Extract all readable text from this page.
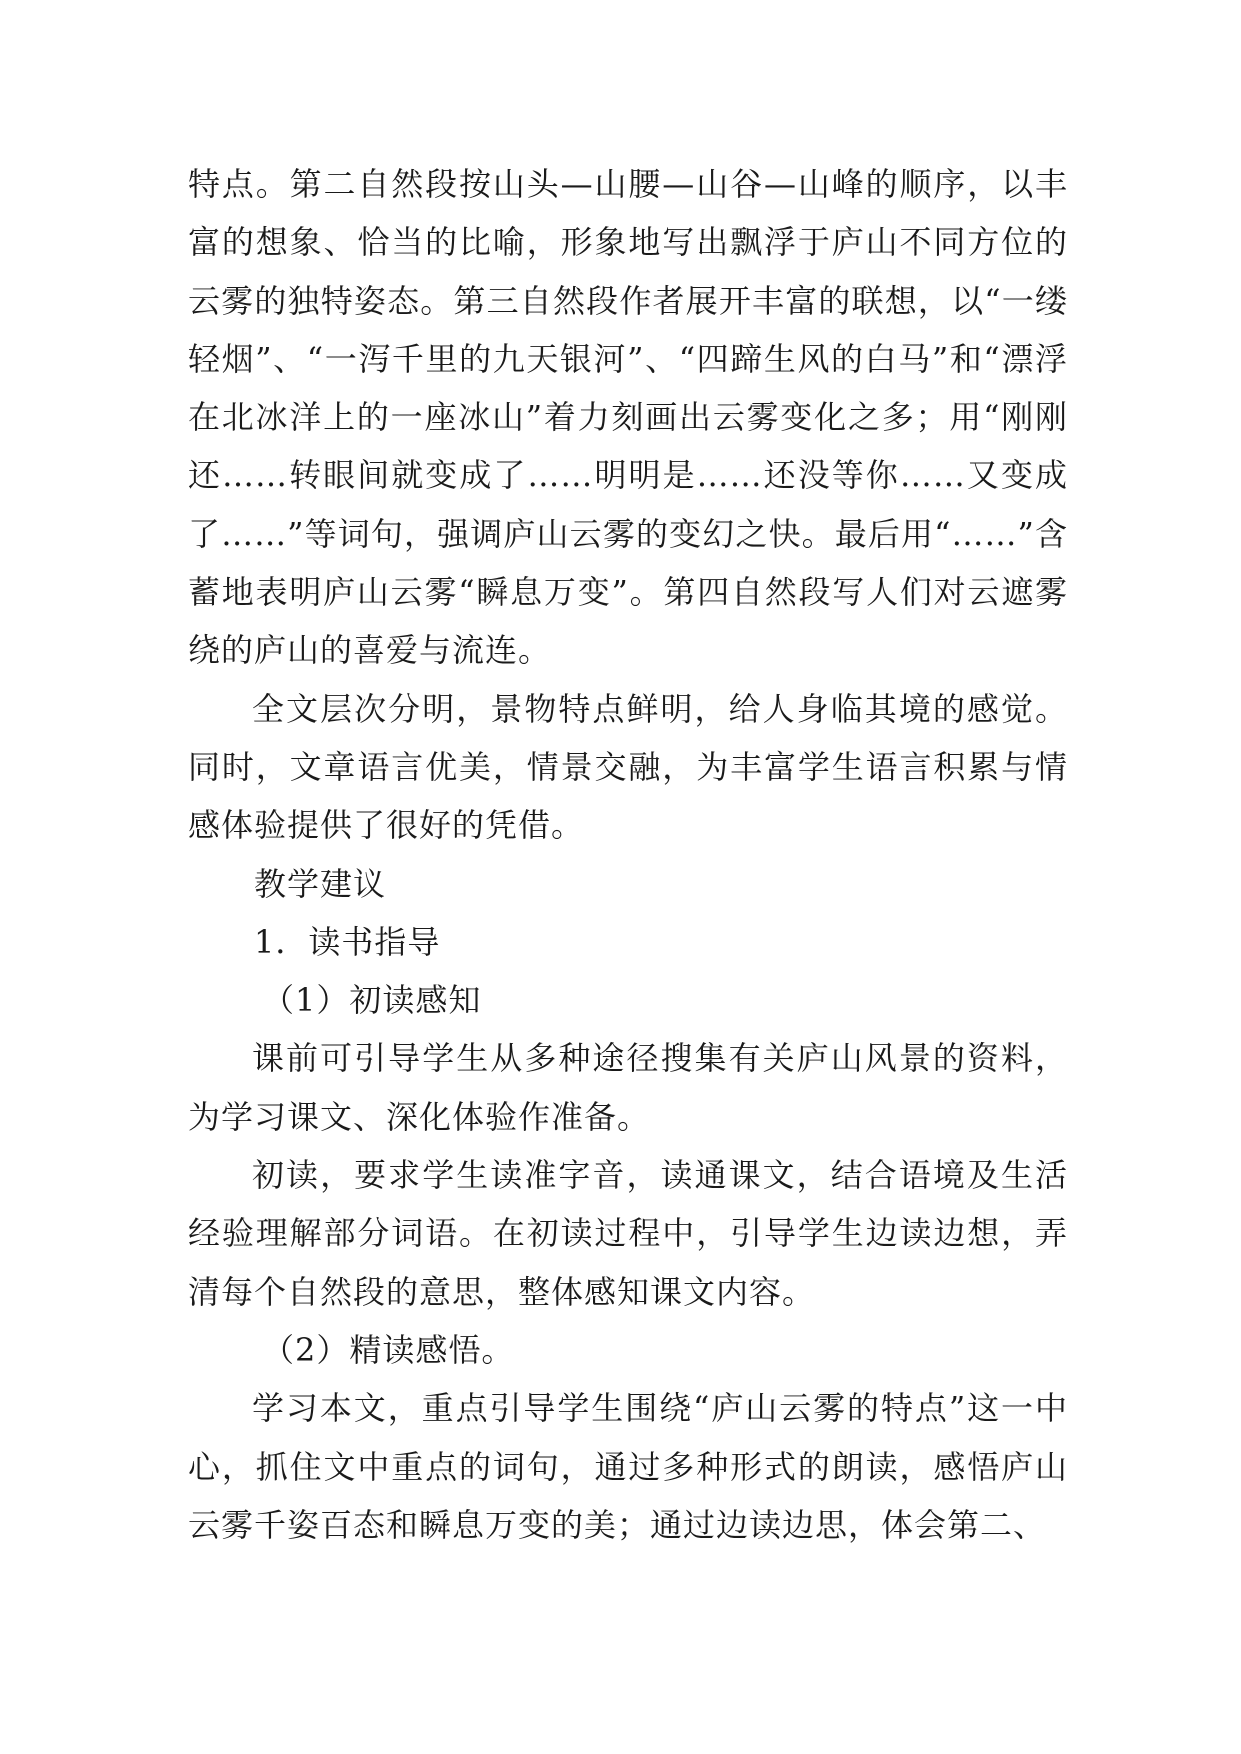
特点。第二自然段按山头—山腰—山谷—山峰的顺序，以丰富的想象、恰当的比喻，形象地写出飘浮于庐山不同方位的云雾的独特姿态。第三自然段作者展开丰富的联想，以“一缕轻烟”、“一泻千里的九天银河”、“四蹄生风的白马”和“漂浮在北冰洋上的一座冰山”着力刻画出云雾变化之多；用“刚刚还……转眼间就变成了……明明是……还没等你……又变成了……”等词句，强调庐山云雾的变幻之快。最后用“……”含蓄地表明庐山云雾“瞬息万变”。第四自然段写人们对云遮雾绕的庐山的喜爱与流连。

全文层次分明，景物特点鲜明，给人身临其境的感觉。同时，文章语言优美，情景交融，为丰富学生语言积累与情感体验提供了很好的凭借。

教学建议

1．读书指导

（1）初读感知

课前可引导学生从多种途径搜集有关庐山风景的资料，为学习课文、深化体验作准备。

初读，要求学生读准字音，读通课文，结合语境及生活经验理解部分词语。在初读过程中，引导学生边读边想，弄清每个自然段的意思，整体感知课文内容。

（2）精读感悟。

学习本文，重点引导学生围绕“庐山云雾的特点”这一中心，抓住文中重点的词句，通过多种形式的朗读，感悟庐山云雾千姿百态和瞬息万变的美；通过边读边思，体会第二、
